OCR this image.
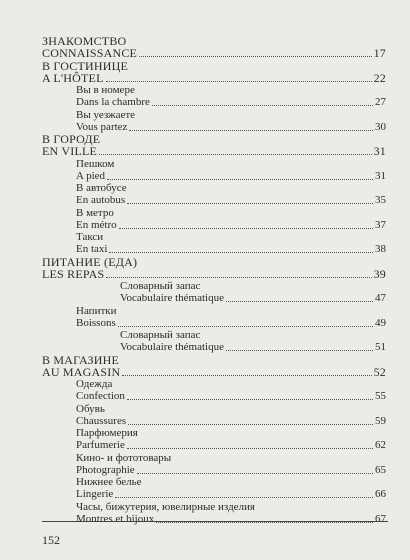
ЗНАКОМСТВО
CONNAISSANCE	17
В ГОСТИНИЦЕ
A L'HÔTEL	22
Вы в номере
Dans la chambre	27
Вы уезжаете
Vous partez	30
В ГОРОДЕ
EN VILLE	31
Пешком
A pied	31
В автобусе
En autobus	35
В метро
En métro	37
Такси
En taxi	38
ПИТАНИЕ (ЕДА)
LES REPAS	39
Словарный запас
Vocabulaire thématique	47
Напитки
Boissons	49
Словарный запас
Vocabulaire thématique	51
В МАГАЗИНЕ
AU MAGASIN	52
Одежда
Confection	55
Обувь
Chaussures	59
Парфюмерия
Parfumerie	62
Кино- и фототовары
Photographie	65
Нижнее белье
Lingerie	66
Часы, бижутерия, ювелирные изделия
Montres et bijoux	67
152
